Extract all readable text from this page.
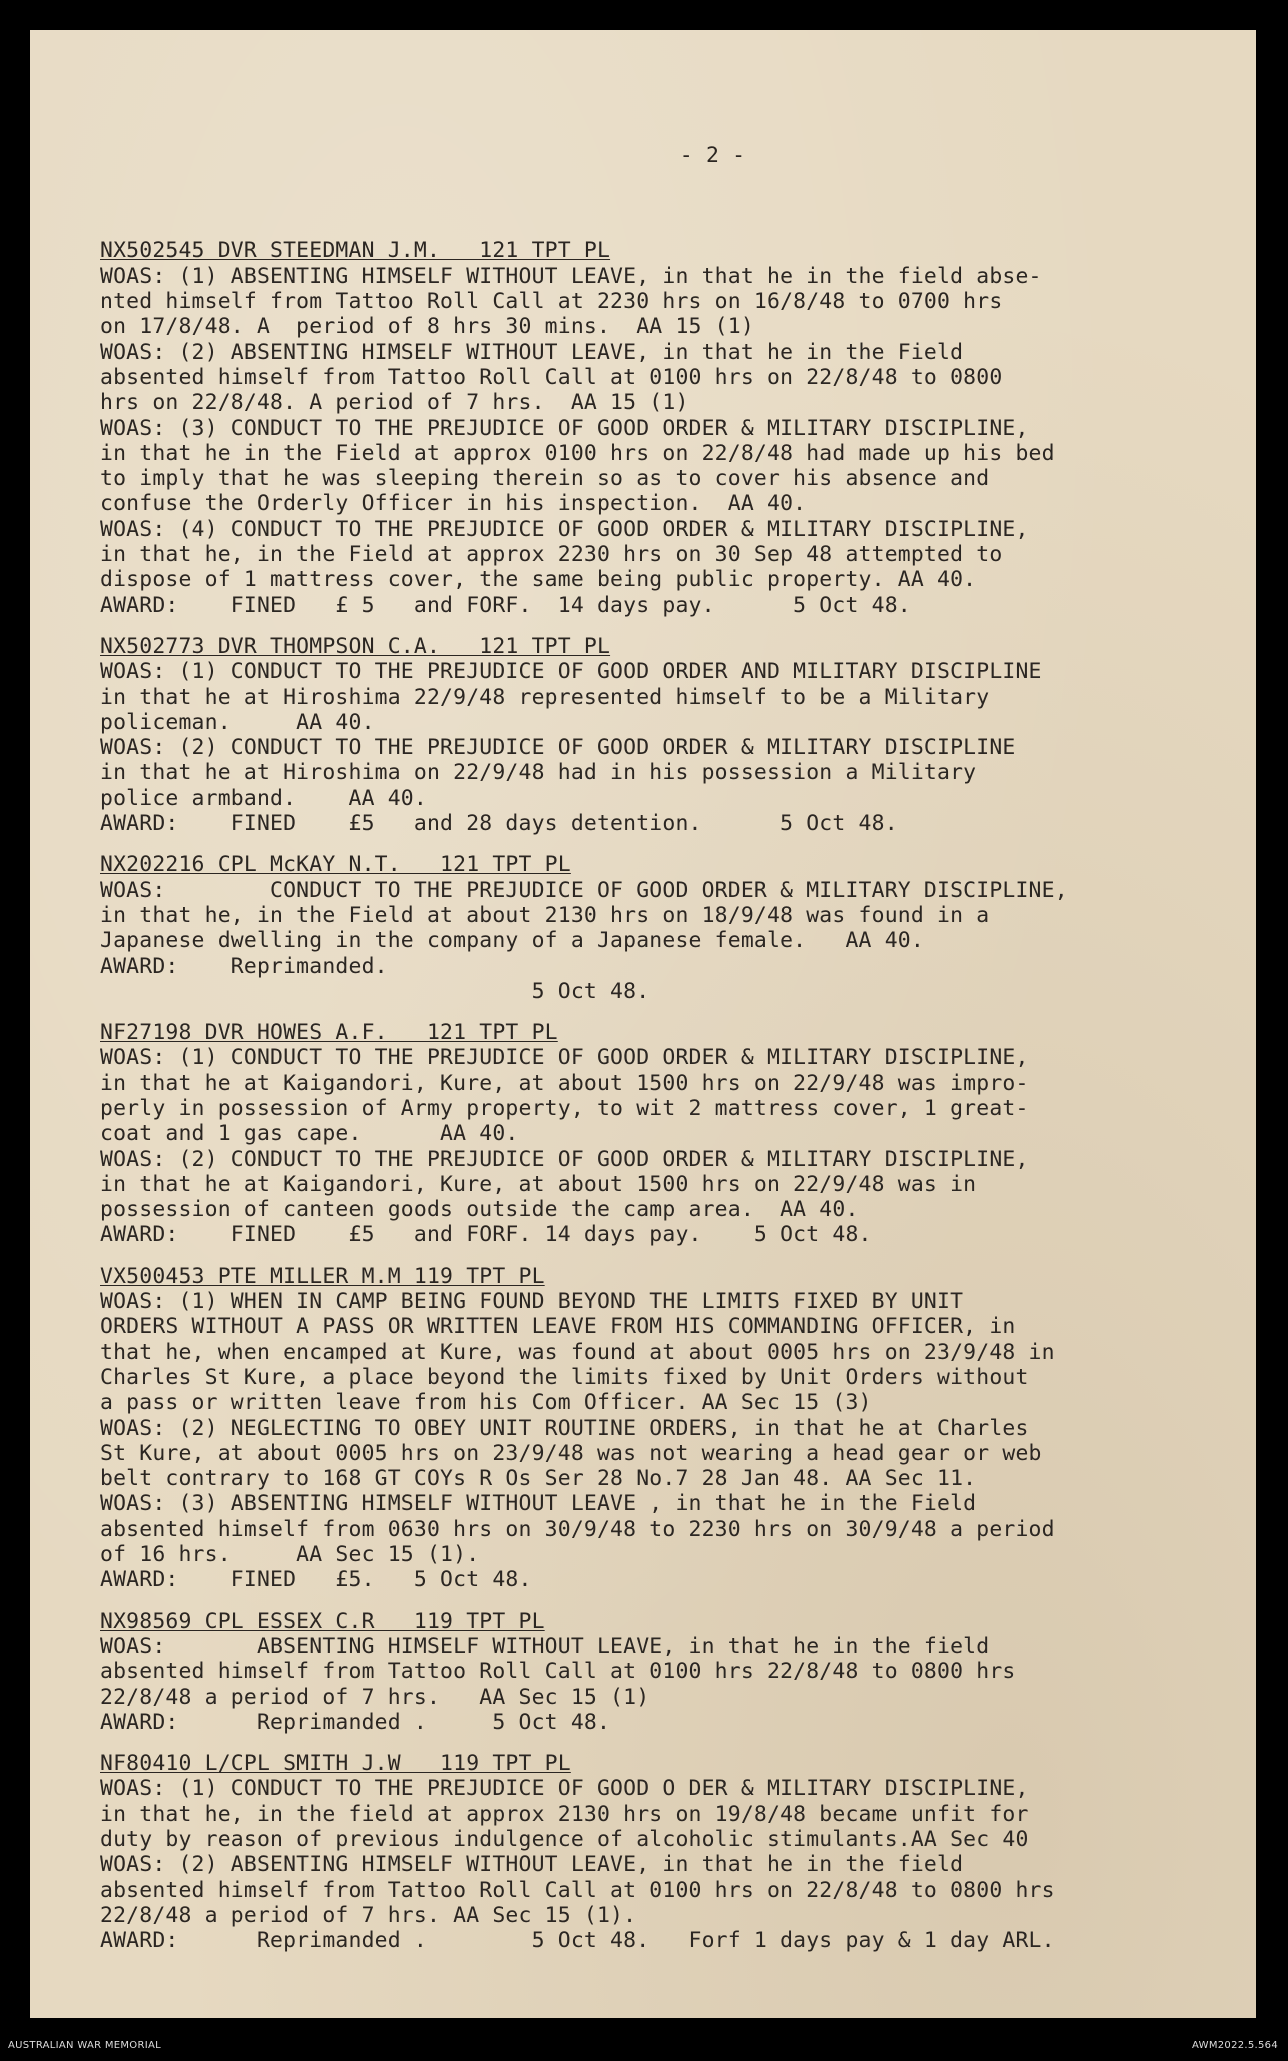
- 2 -

NX502545 DVR STEEDMAN J.M.   121 TPT PL
WOAS: (1) ABSENTING HIMSELF WITHOUT LEAVE, in that he in the field abse-
nted himself from Tattoo Roll Call at 2230 hrs on 16/8/48 to 0700 hrs
on 17/8/48. A  period of 8 hrs 30 mins.  AA 15 (1)
WOAS: (2) ABSENTING HIMSELF WITHOUT LEAVE, in that he in the Field
absented himself from Tattoo Roll Call at 0100 hrs on 22/8/48 to 0800
hrs on 22/8/48. A period of 7 hrs.  AA 15 (1)
WOAS: (3) CONDUCT TO THE PREJUDICE OF GOOD ORDER & MILITARY DISCIPLINE,
in that he in the Field at approx 0100 hrs on 22/8/48 had made up his bed
to imply that he was sleeping therein so as to cover his absence and
confuse the Orderly Officer in his inspection.  AA 40.
WOAS: (4) CONDUCT TO THE PREJUDICE OF GOOD ORDER & MILITARY DISCIPLINE,
in that he, in the Field at approx 2230 hrs on 30 Sep 48 attempted to
dispose of 1 mattress cover, the same being public property. AA 40.
AWARD:    FINED   £ 5   and FORF.  14 days pay.      5 Oct 48.
NX502773 DVR THOMPSON C.A.   121 TPT PL
WOAS: (1) CONDUCT TO THE PREJUDICE OF GOOD ORDER AND MILITARY DISCIPLINE
in that he at Hiroshima 22/9/48 represented himself to be a Military
policeman.     AA 40.
WOAS: (2) CONDUCT TO THE PREJUDICE OF GOOD ORDER & MILITARY DISCIPLINE
in that he at Hiroshima on 22/9/48 had in his possession a Military
police armband.    AA 40.
AWARD:    FINED    £5   and 28 days detention.      5 Oct 48.
NX202216 CPL McKAY N.T.   121 TPT PL
WOAS:        CONDUCT TO THE PREJUDICE OF GOOD ORDER & MILITARY DISCIPLINE,
in that he, in the Field at about 2130 hrs on 18/9/48 was found in a
Japanese dwelling in the company of a Japanese female.   AA 40.
AWARD:    Reprimanded.
5 Oct 48.
NF27198 DVR HOWES A.F.   121 TPT PL
WOAS: (1) CONDUCT TO THE PREJUDICE OF GOOD ORDER & MILITARY DISCIPLINE,
in that he at Kaigandori, Kure, at about 1500 hrs on 22/9/48 was impro-
perly in possession of Army property, to wit 2 mattress cover, 1 great-
coat and 1 gas cape.      AA 40.
WOAS: (2) CONDUCT TO THE PREJUDICE OF GOOD ORDER & MILITARY DISCIPLINE,
in that he at Kaigandori, Kure, at about 1500 hrs on 22/9/48 was in
possession of canteen goods outside the camp area.  AA 40.
AWARD:    FINED    £5   and FORF. 14 days pay.    5 Oct 48.
VX500453 PTE MILLER M.M 119 TPT PL
WOAS: (1) WHEN IN CAMP BEING FOUND BEYOND THE LIMITS FIXED BY UNIT
ORDERS WITHOUT A PASS OR WRITTEN LEAVE FROM HIS COMMANDING OFFICER, in
that he, when encamped at Kure, was found at about 0005 hrs on 23/9/48 in
Charles St Kure, a place beyond the limits fixed by Unit Orders without
a pass or written leave from his Com Officer. AA Sec 15 (3)
WOAS: (2) NEGLECTING TO OBEY UNIT ROUTINE ORDERS, in that he at Charles
St Kure, at about 0005 hrs on 23/9/48 was not wearing a head gear or web
belt contrary to 168 GT COYs R Os Ser 28 No.7 28 Jan 48. AA Sec 11.
WOAS: (3) ABSENTING HIMSELF WITHOUT LEAVE , in that he in the Field
absented himself from 0630 hrs on 30/9/48 to 2230 hrs on 30/9/48 a period
of 16 hrs.     AA Sec 15 (1).
AWARD:    FINED   £5.   5 Oct 48.
NX98569 CPL ESSEX C.R   119 TPT PL
WOAS:       ABSENTING HIMSELF WITHOUT LEAVE, in that he in the field
absented himself from Tattoo Roll Call at 0100 hrs 22/8/48 to 0800 hrs
22/8/48 a period of 7 hrs.   AA Sec 15 (1)
AWARD:      Reprimanded .     5 Oct 48.
NF80410 L/CPL SMITH J.W   119 TPT PL
WOAS: (1) CONDUCT TO THE PREJUDICE OF GOOD O DER & MILITARY DISCIPLINE,
in that he, in the field at approx 2130 hrs on 19/8/48 became unfit for
duty by reason of previous indulgence of alcoholic stimulants.AA Sec 40
WOAS: (2) ABSENTING HIMSELF WITHOUT LEAVE, in that he in the field
absented himself from Tattoo Roll Call at 0100 hrs on 22/8/48 to 0800 hrs
22/8/48 a period of 7 hrs. AA Sec 15 (1).
AWARD:      Reprimanded .        5 Oct 48.   Forf 1 days pay & 1 day ARL.

AUSTRALIAN WAR MEMORIAL	AWM2022.5.564
